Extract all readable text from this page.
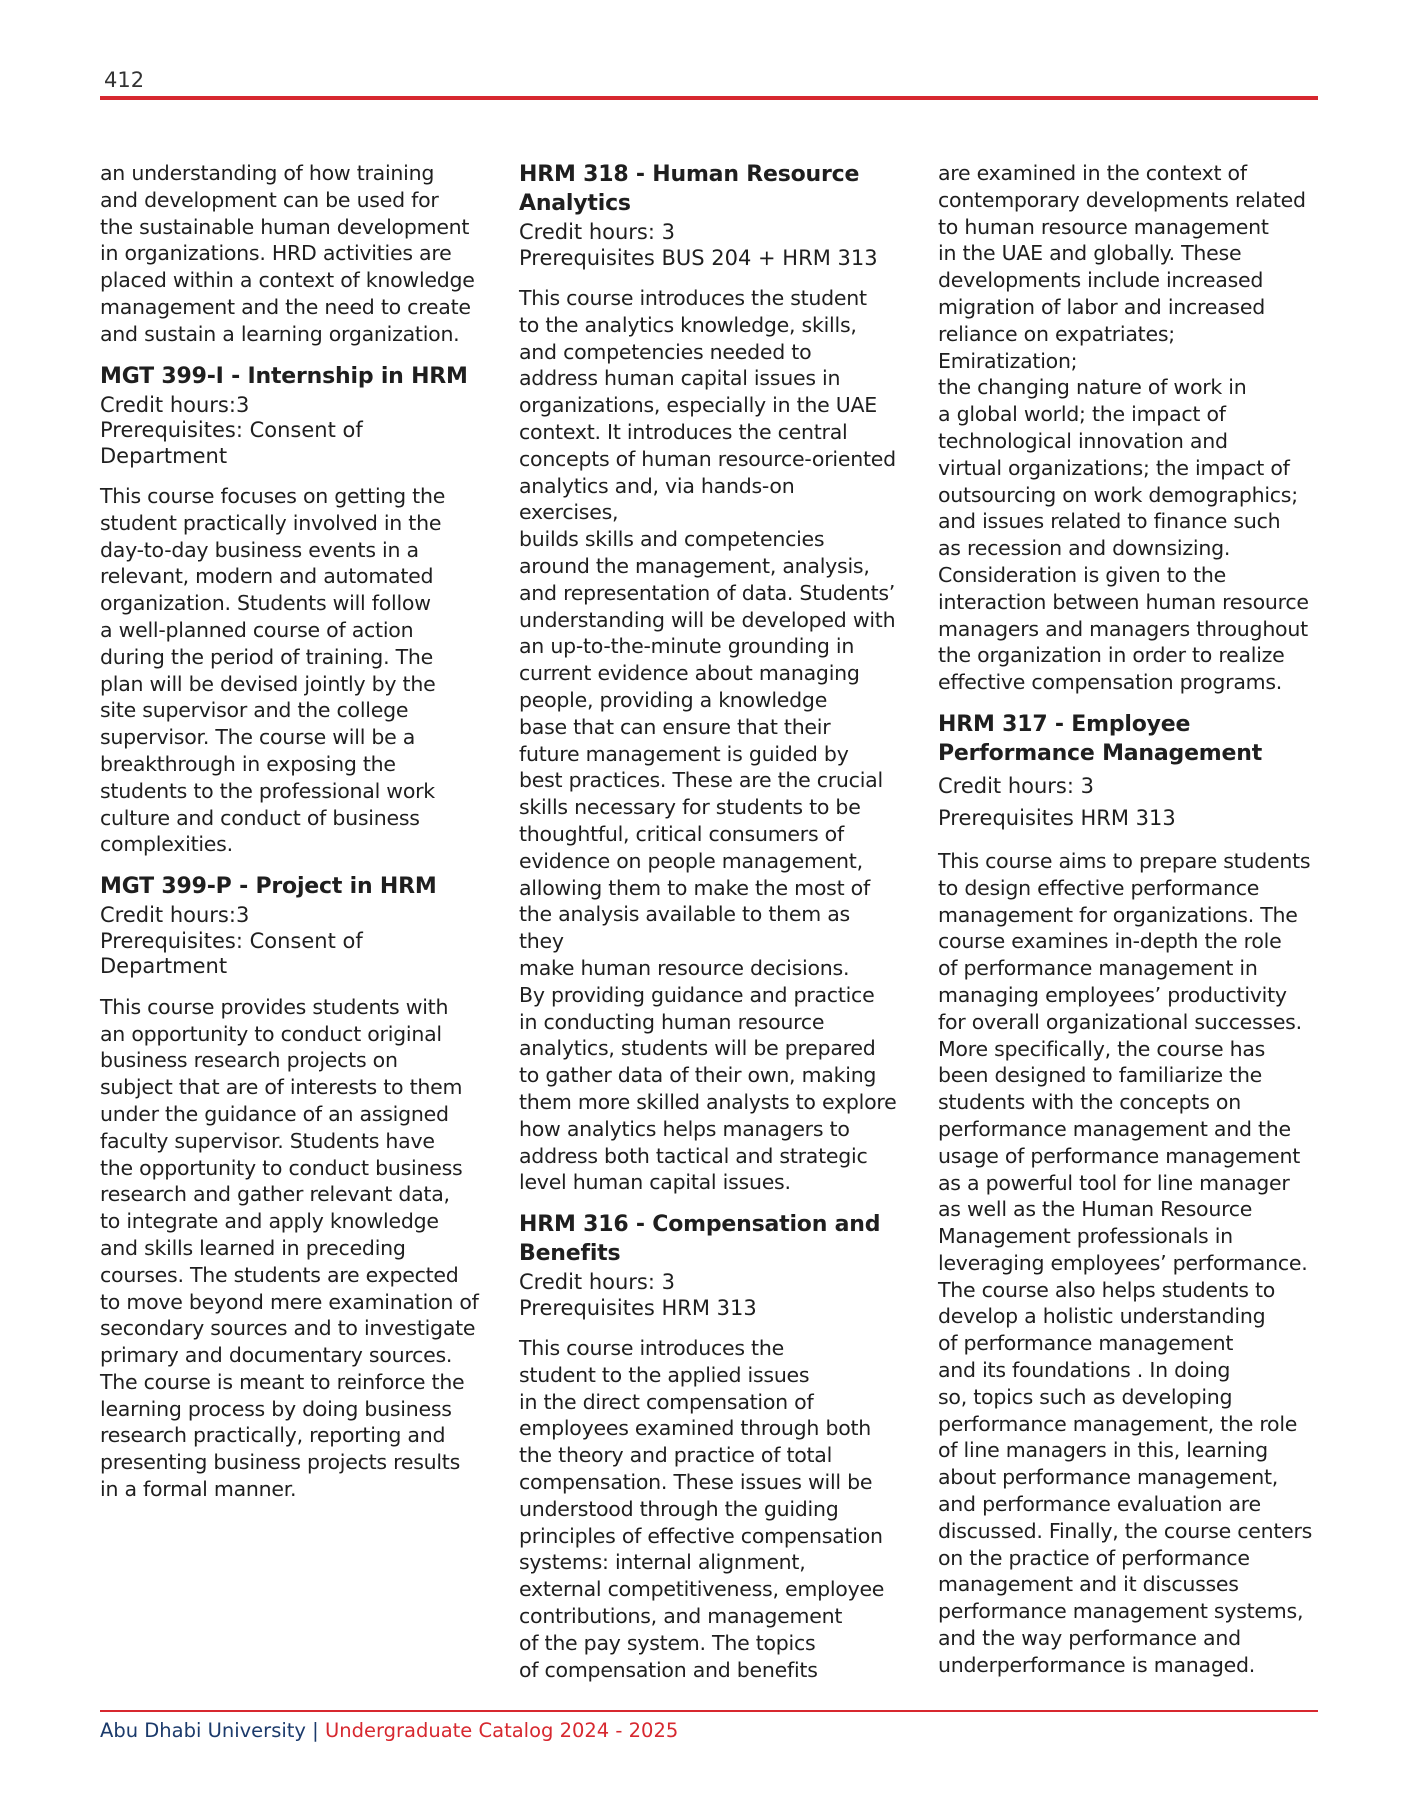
412

an understanding of how training
and development can be used for
the sustainable human development
in organizations. HRD activities are
placed within a context of knowledge
management and the need to create
and sustain a learning organization.

MGT 399-I - Internship in HRM

Credit hours:3
Prerequisites: Consent of
Department

This course focuses on getting the
student practically involved in the
day-to-day business events in a
relevant, modern and automated
organization. Students will follow
a well-planned course of action
during the period of training. The
plan will be devised jointly by the
site supervisor and the college
supervisor. The course will be a
breakthrough in exposing the
students to the professional work
culture and conduct of business
complexities.

MGT 399-P - Project in HRM

Credit hours:3
Prerequisites: Consent of
Department

This course provides students with
an opportunity to conduct original
business research projects on
subject that are of interests to them
under the guidance of an assigned
faculty supervisor. Students have
the opportunity to conduct business
research and gather relevant data,
to integrate and apply knowledge
and skills learned in preceding
courses. The students are expected
to move beyond mere examination of
secondary sources and to investigate
primary and documentary sources.
The course is meant to reinforce the
learning process by doing business
research practically, reporting and
presenting business projects results
in a formal manner.

HRM 318 - Human Resource
Analytics

Credit hours: 3
Prerequisites BUS 204 + HRM 313

This course introduces the student
to the analytics knowledge, skills,
and competencies needed to
address human capital issues in
organizations, especially in the UAE
context. It introduces the central
concepts of human resource-oriented
analytics and, via hands-on exercises,
builds skills and competencies
around the management, analysis,
and representation of data. Students’
understanding will be developed with
an up-to-the-minute grounding in
current evidence about managing
people, providing a knowledge
base that can ensure that their
future management is guided by
best practices. These are the crucial
skills necessary for students to be
thoughtful, critical consumers of
evidence on people management,
allowing them to make the most of
the analysis available to them as they
make human resource decisions.
By providing guidance and practice
in conducting human resource
analytics, students will be prepared
to gather data of their own, making
them more skilled analysts to explore
how analytics helps managers to
address both tactical and strategic
level human capital issues.

HRM 316 - Compensation and
Benefits

Credit hours: 3
Prerequisites HRM 313

This course introduces the
student to the applied issues
in the direct compensation of
employees examined through both
the theory and practice of total
compensation. These issues will be
understood through the guiding
principles of effective compensation
systems: internal alignment,
external competitiveness, employee
contributions, and management
of the pay system. The topics
of compensation and benefits

are examined in the context of
contemporary developments related
to human resource management
in the UAE and globally. These
developments include increased
migration of labor and increased
reliance on expatriates; Emiratization;
the changing nature of work in
a global world; the impact of
technological innovation and
virtual organizations; the impact of
outsourcing on work demographics;
and issues related to finance such
as recession and downsizing.
Consideration is given to the
interaction between human resource
managers and managers throughout
the organization in order to realize
effective compensation programs.

HRM 317 - Employee
Performance Management

Credit hours: 3
Prerequisites HRM 313

This course aims to prepare students
to design effective performance
management for organizations. The
course examines in-depth the role
of performance management in
managing employees’ productivity
for overall organizational successes.
More specifically, the course has
been designed to familiarize the
students with the concepts on
performance management and the
usage of performance management
as a powerful tool for line manager
as well as the Human Resource
Management professionals in
leveraging employees’ performance.
The course also helps students to
develop a holistic understanding
of performance management
and its foundations . In doing
so, topics such as developing
performance management, the role
of line managers in this, learning
about performance management,
and performance evaluation are
discussed. Finally, the course centers
on the practice of performance
management and it discusses
performance management systems,
and the way performance and
underperformance is managed.

Abu Dhabi University | Undergraduate Catalog 2024 - 2025
